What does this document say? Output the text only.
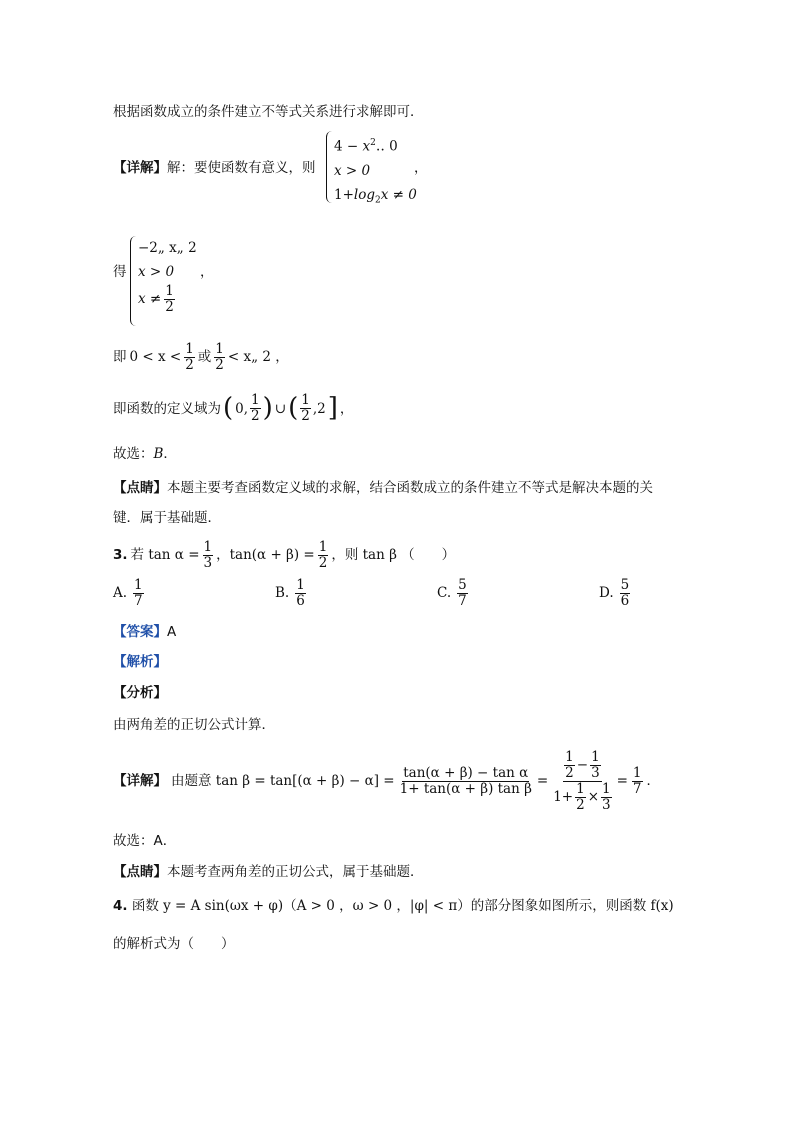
根据函数成立的条件建立不等式关系进行求解即可．
【详解】解：要使函数有意义，则
$4 - x^2‥$ 0
x > 0
$1+\log_2x \ne 0$
，
得
−2„ x„ 2
x > 0
$x \ne \frac{1}{2}$
，
即 $0 < x < \frac{1}{2}$ 或 $\frac{1}{2}$ < x„ 2 ，
即函数的定义域为 ( 0, $\frac{1}{2}$ ) ∪ ( $\frac{1}{2} ,2$ ] ，
故选：B．
【点睛】本题主要考查函数定义域的求解，结合函数成立的条件建立不等式是解决本题的关
键．属于基础题．
3. 若 $\tan \alpha = \frac{1}{3}$ ，$\tan(\alpha + \beta) = \frac{1}{2}$ ，则 tan β （　　）
A. $\frac{1}{7}$	B. $\frac{1}{6}$	C. $\frac{5}{7}$	D. $\frac{5}{6}$
【答案】A
【解析】
【分析】
由两角差的正切公式计算．
【详解】 由题意 $\tan \beta = \tan[(\alpha + \beta) - \alpha] = \frac{\text{tan(α + β) − tan α}}{\text{1+ tan(α + β) tan β}} = \frac{\frac{1}{2} - \frac{1}{3}}{1+ \frac{1}{2} \times \frac{1}{3}} = \frac{1}{7}$ ．
故选：A．
【点睛】本题考查两角差的正切公式，属于基础题．
4. 函数 y = A sin(ωx + φ)（A > 0 ，ω > 0 ，|φ| < π）的部分图象如图所示，则函数 f(x)
的解析式为（　　）
